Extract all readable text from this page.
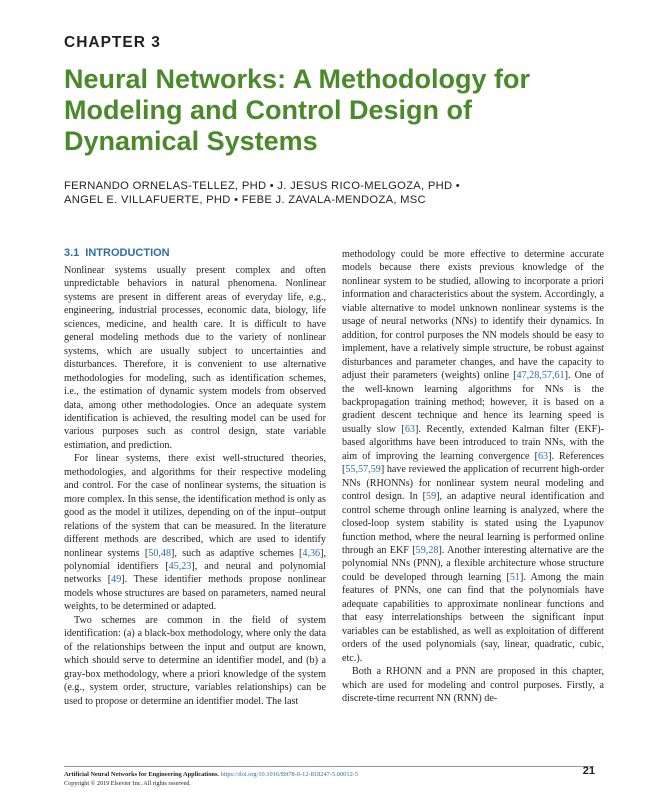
CHAPTER 3
Neural Networks: A Methodology for
Modeling and Control Design of
Dynamical Systems
FERNANDO ORNELAS-TELLEZ, PHD • J. JESUS RICO-MELGOZA, PHD •
ANGEL E. VILLAFUERTE, PHD • FEBE J. ZAVALA-MENDOZA, MSC
3.1 INTRODUCTION

Nonlinear systems usually present complex and often unpredictable behaviors in natural phenomena. Nonlinear systems are present in different areas of everyday life, e.g., engineering, industrial processes, economic data, biology, life sciences, medicine, and health care. It is difficult to have general modeling methods due to the variety of nonlinear systems, which are usually subject to uncertainties and disturbances. Therefore, it is convenient to use alternative methodologies for modeling, such as identification schemes, i.e., the estimation of dynamic system models from observed data, among other methodologies. Once an adequate system identification is achieved, the resulting model can be used for various purposes such as control design, state variable estimation, and prediction.

For linear systems, there exist well-structured theories, methodologies, and algorithms for their respective modeling and control. For the case of nonlinear systems, the situation is more complex. In this sense, the identification method is only as good as the model it utilizes, depending on of the input–output relations of the system that can be measured. In the literature different methods are described, which are used to identify nonlinear systems [50,48], such as adaptive schemes [4,36], polynomial identifiers [45,23], and neural and polynomial networks [49]. These identifier methods propose nonlinear models whose structures are based on parameters, named neural weights, to be determined or adapted.

Two schemes are common in the field of system identification: (a) a black-box methodology, where only the data of the relationships between the input and output are known, which should serve to determine an identifier model, and (b) a gray-box methodology, where a priori knowledge of the system (e.g., system order, structure, variables relationships) can be used to propose or determine an identifier model. The last

methodology could be more effective to determine accurate models because there exists previous knowledge of the nonlinear system to be studied, allowing to incorporate a priori information and characteristics about the system. Accordingly, a viable alternative to model unknown nonlinear systems is the usage of neural networks (NNs) to identify their dynamics. In addition, for control purposes the NN models should be easy to implement, have a relatively simple structure, be robust against disturbances and parameter changes, and have the capacity to adjust their parameters (weights) online [47,28,57,61]. One of the well-known learning algorithms for NNs is the backpropagation training method; however, it is based on a gradient descent technique and hence its learning speed is usually slow [63]. Recently, extended Kalman filter (EKF)-based algorithms have been introduced to train NNs, with the aim of improving the learning convergence [63]. References [55,57,59] have reviewed the application of recurrent high-order NNs (RHONNs) for nonlinear system neural modeling and control design. In [59], an adaptive neural identification and control scheme through online learning is analyzed, where the closed-loop system stability is stated using the Lyapunov function method, where the neural learning is performed online through an EKF [59,28]. Another interesting alternative are the polynomial NNs (PNN), a flexible architecture whose structure could be developed through learning [51]. Among the main features of PNNs, one can find that the polynomials have adequate capabilities to approximate nonlinear functions and that easy interrelationships between the significant input variables can be established, as well as exploitation of different orders of the used polynomials (say, linear, quadratic, cubic, etc.).

Both a RHONN and a PNN are proposed in this chapter, which are used for modeling and control purposes. Firstly, a discrete-time recurrent NN (RNN) de-

Artificial Neural Networks for Engineering Applications. https://doi.org/10.1016/B978-0-12-818247-5.00012-5
Copyright © 2019 Elsevier Inc. All rights reserved.
21
